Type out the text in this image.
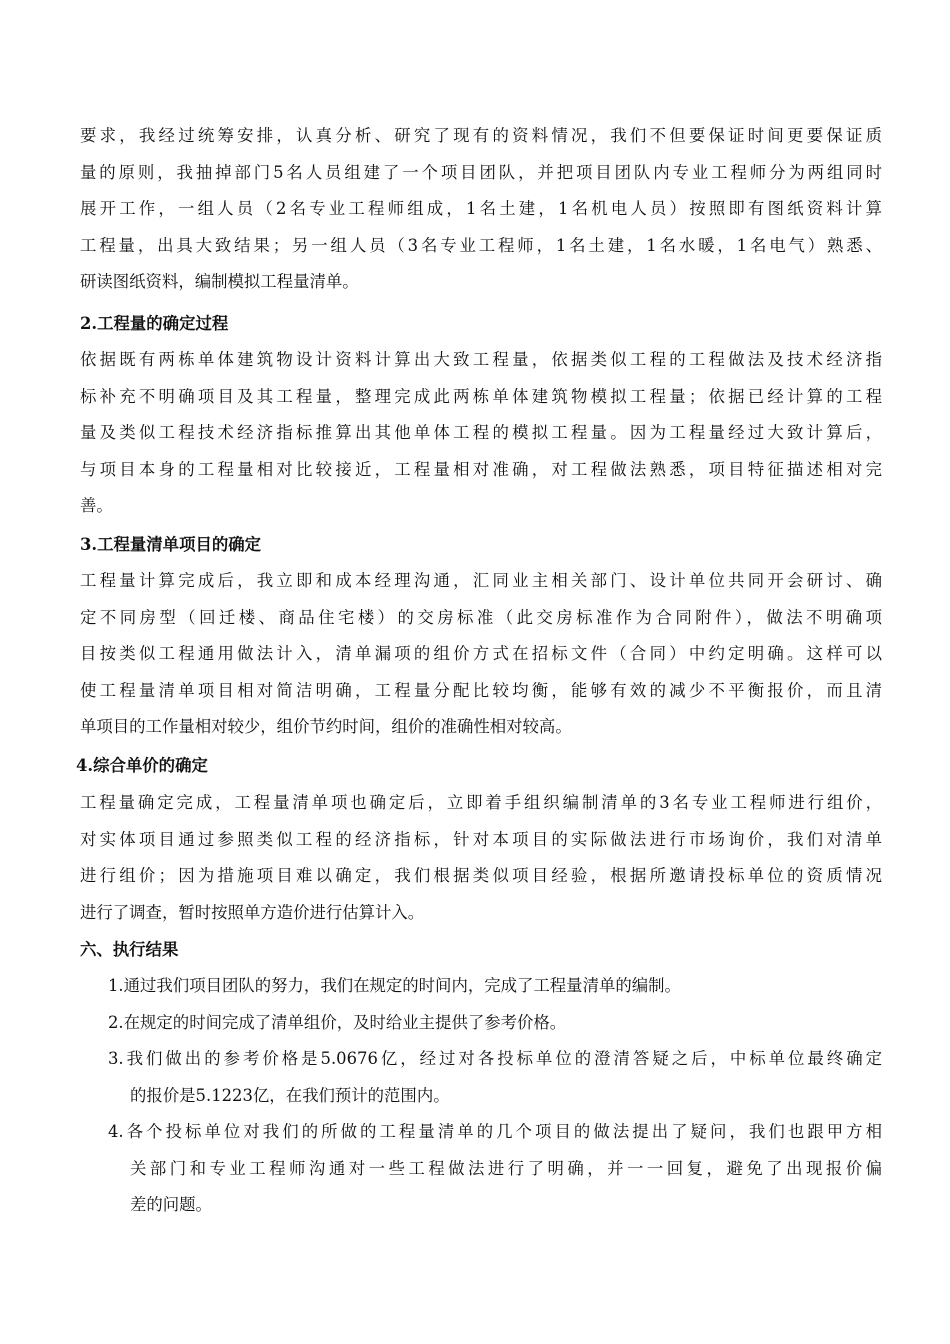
要求，我经过统筹安排，认真分析、研究了现有的资料情况，我们不但要保证时间更要保证质
量的原则，我抽掉部门5名人员组建了一个项目团队，并把项目团队内专业工程师分为两组同时
展开工作，一组人员（2名专业工程师组成，1名土建，1名机电人员）按照即有图纸资料计算
工程量，出具大致结果；另一组人员（3名专业工程师，1名土建，1名水暖，1名电气）熟悉、
研读图纸资料，编制模拟工程量清单。
2.工程量的确定过程
依据既有两栋单体建筑物设计资料计算出大致工程量，依据类似工程的工程做法及技术经济指
标补充不明确项目及其工程量，整理完成此两栋单体建筑物模拟工程量；依据已经计算的工程
量及类似工程技术经济指标推算出其他单体工程的模拟工程量。因为工程量经过大致计算后，
与项目本身的工程量相对比较接近，工程量相对准确，对工程做法熟悉，项目特征描述相对完
善。
3.工程量清单项目的确定
工程量计算完成后，我立即和成本经理沟通，汇同业主相关部门、设计单位共同开会研讨、确
定不同房型（回迁楼、商品住宅楼）的交房标准（此交房标准作为合同附件），做法不明确项
目按类似工程通用做法计入，清单漏项的组价方式在招标文件（合同）中约定明确。这样可以
使工程量清单项目相对简洁明确，工程量分配比较均衡，能够有效的减少不平衡报价，而且清
单项目的工作量相对较少，组价节约时间，组价的准确性相对较高。
4.综合单价的确定
工程量确定完成，工程量清单项也确定后，立即着手组织编制清单的3名专业工程师进行组价，
对实体项目通过参照类似工程的经济指标，针对本项目的实际做法进行市场询价，我们对清单
进行组价；因为措施项目难以确定，我们根据类似项目经验，根据所邀请投标单位的资质情况
进行了调查，暂时按照单方造价进行估算计入。
六、执行结果
1.通过我们项目团队的努力，我们在规定的时间内，完成了工程量清单的编制。
2.在规定的时间完成了清单组价，及时给业主提供了参考价格。
3.我们做出的参考价格是5.0676亿，经过对各投标单位的澄清答疑之后，中标单位最终确定
的报价是5.1223亿，在我们预计的范围内。
4.各个投标单位对我们的所做的工程量清单的几个项目的做法提出了疑问，我们也跟甲方相
关部门和专业工程师沟通对一些工程做法进行了明确，并一一回复，避免了出现报价偏
差的问题。
